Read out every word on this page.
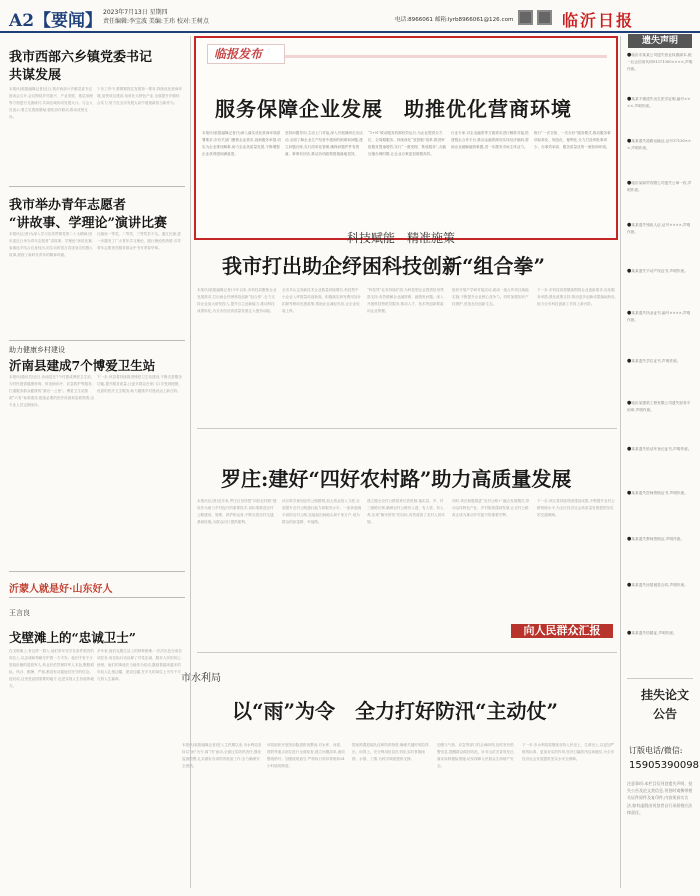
A2【要闻】 2023年7月13日 星期四
责任编辑:李宝波 美编:王玮 校对:王树点	电话:8966061 邮箱:lyrb8966061@126.com	临沂日报
我市西部六乡镇党委书记
共谋发展
本报讯(临报融媒记者)近日,我市西部六乡镇党委书记座谈会召开,会议围绕乡村振兴、产业发展、基层治理等方面进行交流研讨,共商区域协同发展大计。与会人员表示,要立足资源禀赋,强化协作联动,推动优势互补。
下步工作中,要紧紧抓住发展第一要务,持续优化营商环境,加快项目建设,培育壮大特色产业,全面提升乡镇综合实力,努力在全市发展大局中展现新担当新作为。
我市举办青年志愿者
“讲故事、学理论”演讲比赛
本报讯(记者)为深入学习宣传贯彻党的二十大精神,团市委近日举办青年志愿者“讲故事、学理论”演讲比赛,参赛选手结合自身经历,用生动的语言讲述身边的感人故事,展现了新时代青年的精神风貌。
比赛设一等奖、二等奖、三等奖若干名。通过比赛,进一步激发了广大青年学习理论、践行理论的热情,引导青年志愿者在服务群众中书写青春华章。
助力健康乡村建设
沂南县建成7个博爱卫生站
本报讯(通讯员)近日,沂南县在7个村建成博爱卫生站,为村民提供健康咨询、常见病诊疗、应急救护等服务,打通服务群众健康的“最后一公里”。博爱卫生站按照“六有”标准建设,配备必要的医疗设备和急救物资,由专业人员定期坐诊。
下一步,该县将持续推进博爱卫生站建设,不断完善服务功能,提升服务质量,让更多群众在家门口享受到便捷、优质的医疗卫生服务,助力健康乡村建设迈上新台阶。
沂蒙人就是好·山东好人
王言良
戈壁滩上的“忠诚卫士”
在戈壁滩上,有这样一群人,他们常年坚守在条件艰苦的岗位上,以忠诚和奉献守护着一方平安。他们中有不少是临沂籍的退役军人,转业后依然保持军人本色,默默耕耘。风沙、酷暑、严寒,都没有动摇他们坚守的信念。他们说,这里是祖国需要的地方,也是实现人生价值的地方。
多年来,他们克服生活上的种种困难,一次次出色完成各项任务,用实际行动诠释了对党忠诚、服务人民的初心使命。他们的事迹在当地传为佳话,激励着越来越多的年轻人扎根边疆、建设边疆,在平凡的岗位上书写不平凡的人生篇章。
临报发布
服务保障企业发展　助推优化营商环境
本报讯(临报融媒记者)为深入落实优化营商环境部署要求,市有关部门聚焦企业需求,创新服务举措,切实为企业排忧解难,助力企业高质量发展,不断增强企业获得感和满意度。
坚持问题导向,主动上门对接,深入开展调研走访活动,全面了解企业生产经营中遇到的困难和问题,建立问题台账,实行清单化管理,确保问题件件有着落、事事有回音,推动各项政策措施落地见效。
“1+N”联动服务机制有效运行,为企业提供全方位、全周期服务。持续深化“放管服”改革,推进审批服务提速增效,实行“一窗受理、集成服务”,大幅压缩办理时限,让企业办事更加便捷高效。
行业专家,对企业融资等方面需求进行精准对接,搭建银企合作平台,推动金融资源向实体经济倾斜,帮助企业破解融资难题,进一步激发市场主体活力。
推行“一次告知、一次办好”服务模式,推动服务事项标准化、规范化、便利化,全力打造审批事项少、办事效率高、服务质量优的一流营商环境。
科技赋能　精准施策
我市打出助企纾困科技创新“组合拳”
本报讯(临报融媒记者)今年以来,市科技局聚焦企业发展需求,打出助企纾困科技创新“组合拳”,全力支持企业加大研发投入,提升自主创新能力,推动科技成果转化,为全市经济高质量发展注入强劲动能。
全市共认定高新技术企业数量持续增长,科技型中小企业入库数量再创新高。积极落实研发费用加计扣除等税收优惠政策,帮助企业减轻负担,让企业轻装上阵。
“科技贷”业务持续扩面,为科技型企业提供信用贷款支持,有效缓解企业融资难、融资贵问题。深入开展科技特派员服务,推动人才、技术等创新要素向企业集聚。
组织开展产学研对接活动,促成一批合作项目落地实施,不断提升企业核心竞争力。同时加强知识产权保护,营造良好创新生态。
下一步,市科技局将继续围绕企业创新需求,优化服务举措,强化政策支持,推动更多创新成果落地转化,助力全市科技创新工作再上新台阶。
罗庄:建好“四好农村路”助力高质量发展
本报讯(记者)近年来,罗庄区坚持把“四好农村路”建设作为助力乡村振兴的重要抓手,高标准推进农村公路建设、管理、养护和运营,不断完善农村交通基础设施,为群众出行提供便利。
该区科学规划农村公路路网,加大资金投入力度,全面提升农村公路通行能力和服务水平。一条条宽阔平坦的农村公路,连接起田间地头和千家万户,成为群众的致富路、幸福路。
建立健全农村公路管养长效机制,落实县、乡、村三级路长制,确保农村公路有人建、有人管、有人养,实现“畅安舒美”的目标,有效改善了农村人居环境。
同时,该区积极推进“农村公路+”融合发展模式,带动沿线特色产业、乡村旅游蓬勃发展,让农村公路真正成为推动乡村振兴的重要引擎。
下一步,该区将持续巩固建设成果,不断提升农村公路管理水平,为全区经济社会高质量发展提供坚实的交通保障。
向人民群众汇报
市水利局
以“雨”为令　全力打好防汛“主动仗”
本报讯(临报融媒记者)进入主汛期以来,市水利局坚持以“雨”为令,闻“汛”而动,全面压实防汛责任,强化监测预警,扎实做好各项防汛准备工作,全力确保安全度汛。
该局组织开展汛前隐患排查整治,对水库、河道、堤防等重点部位进行全面检查,建立问题清单,逐项整改销号。加强值班值守,严格执行领导带班和24小时值班制度。
提前预置抢险队伍和防汛物资,确保关键时刻拉得出、用得上。充分利用信息化手段,实时掌握雨情、水情、工情,为科学调度提供支撑。
加强与气象、应急等部门的会商研判,及时发布预警信息,提醒群众做好防范。针对山洪灾害易发区,落实转移避险措施,切实保障人民群众生命财产安全。
下一步,市水利局将继续坚持人民至上、生命至上,以更加严格的标准、更加务实的作风,坚决打赢防汛这场硬仗,为全市经济社会发展提供坚实水安全保障。
遗失声明
●临沂市某某公司遗失营业执照副本,统一社会信用代码91371300××××,声明作废。
●某某不慎遗失出生医学证明,编号××××,声明作废。
●某某遗失道路运输证,证号37130×××,声明作废。
●临沂某商贸有限公司遗失公章一枚,声明作废。
●某某遗失残疾人证,证号××××,声明作废。
●某某遗失不动产权证书,声明作废。
●某某遗失执业证书,编号××××,声明作废。
●某某遗失学位证书,声明作废。
●临沂某建筑工程有限公司遗失财务专用章,声明作废。
●某某遗失机动车登记证书,声明作废。
●某某遗失医师资格证书,声明作废。
●某某遗失教师资格证,声明作废。
●某某遗失房屋租赁合同,声明作废。
●某某遗失结婚证,声明作废。
挂失论文公告
订版电话/微信:
15905390098
注意事项:本栏目仅刊登遗失声明、挂失公告及论文类信息,刊登时请携带相关证件原件及复印件,内容须真实合法,如有虚假由刊登者自行承担相应法律责任。
